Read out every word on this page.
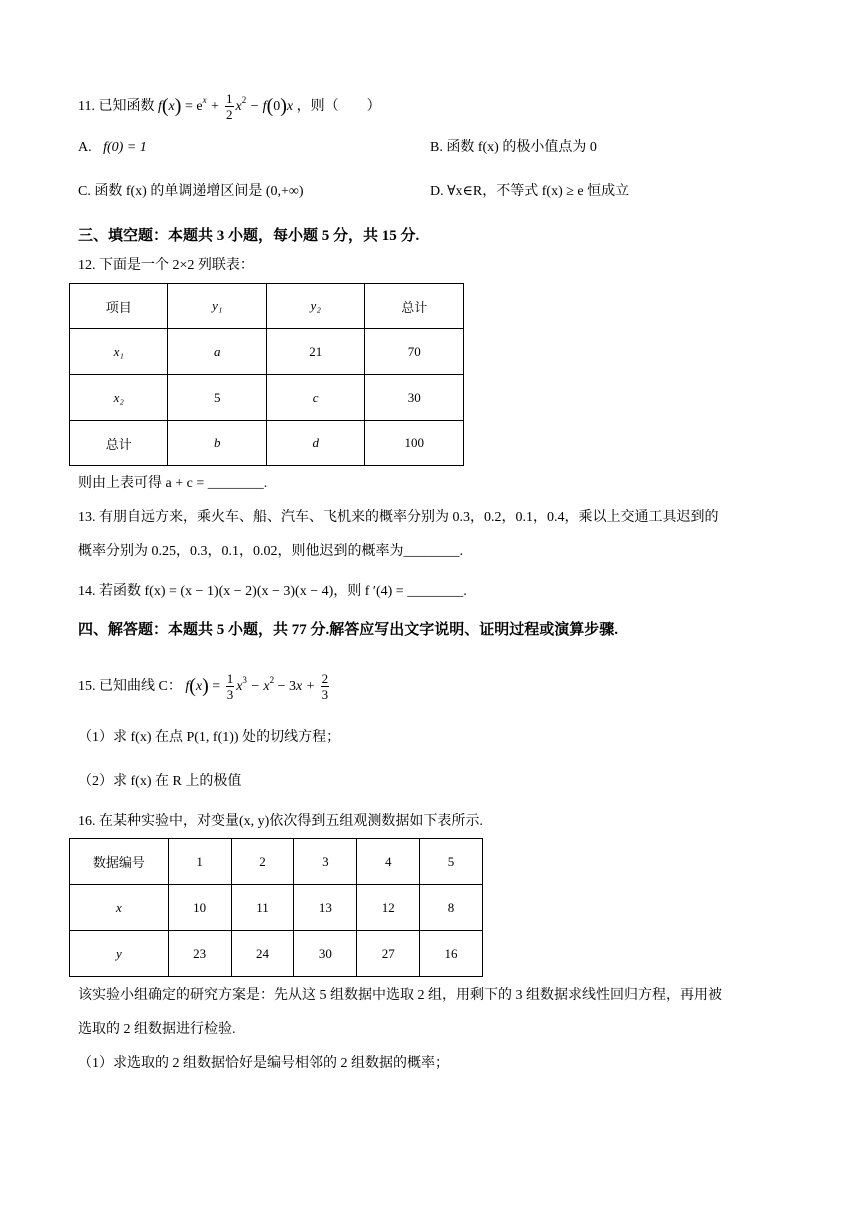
11. 已知函数 $f(x) = e^x + \frac{1}{2} x^2 - f(0)x$ ，则（　　）
A. f(0) = 1	B. 函数 f(x) 的极小值点为 0
C. 函数 f(x) 的单调递增区间是 (0,+∞)	D. ∀x∈R，不等式 f(x) ≥ e 恒成立
三、填空题：本题共 3 小题，每小题 5 分，共 15 分.
12. 下面是一个 2×2 列联表：
项目	y₁	y₂	总计
x₁	a	21	70
x₂	5	c	30
总计	b	d	100
则由上表可得 a + c = ________.
13. 有朋自远方来，乘火车、船、汽车、飞机来的概率分别为 0.3，0.2，0.1，0.4，乘以上交通工具迟到的
概率分别为 0.25，0.3，0.1，0.02，则他迟到的概率为________.
14. 若函数 f(x) = (x − 1)(x − 2)(x − 3)(x − 4)，则 f ′(4) = ________.
四、解答题：本题共 5 小题，共 77 分.解答应写出文字说明、证明过程或演算步骤.
15. 已知曲线 C： $f(x) = \frac{1}{3} x^3 - x^2 - 3x + \frac{2}{3}$
（1）求 f(x) 在点 P(1, f(1)) 处的切线方程；
（2）求 f(x) 在 R 上的极值
16. 在某种实验中，对变量(x, y)依次得到五组观测数据如下表所示.
数据编号	1	2	3	4	5
x	10	11	13	12	8
y	23	24	30	27	16
该实验小组确定的研究方案是：先从这 5 组数据中选取 2 组，用剩下的 3 组数据求线性回归方程，再用被
选取的 2 组数据进行检验.
（1）求选取的 2 组数据恰好是编号相邻的 2 组数据的概率；
